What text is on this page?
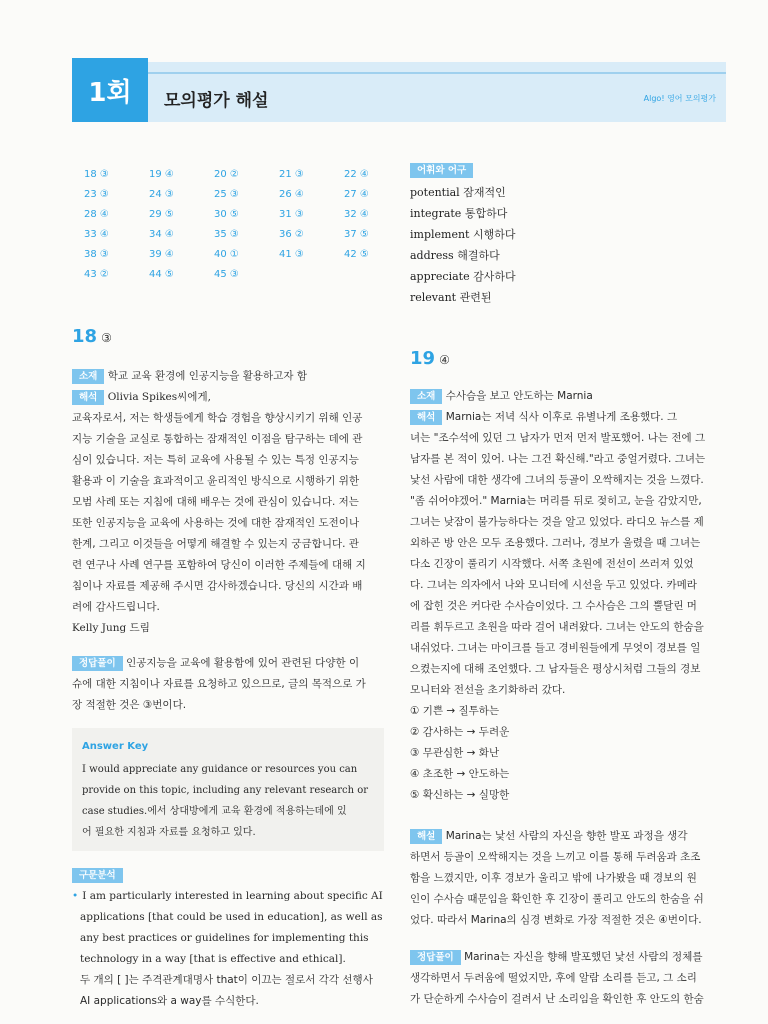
1회 모의평가 해설	Algo! 영어 모의평가
18 ③	19 ④	20 ②	21 ③	22 ④
23 ③	24 ③	25 ③	26 ④	27 ④
28 ④	29 ⑤	30 ⑤	31 ③	32 ④
33 ④	34 ④	35 ③	36 ②	37 ⑤
38 ③	39 ④	40 ①	41 ③	42 ⑤
43 ②	44 ⑤	45 ③
어휘와 어구
potential 잠재적인
integrate 통합하다
implement 시행하다
address 해결하다
appreciate 감사하다
relevant 관련된
18 ③

소재 학교 교육 환경에 인공지능을 활용하고자 함

해석 Olivia Spikes씨에게,

교육자로서, 저는 학생들에게 학습 경험을 향상시키기 위해 인공

지능 기술을 교실로 통합하는 잠재적인 이점을 탐구하는 데에 관

심이 있습니다. 저는 특히 교육에 사용될 수 있는 특정 인공지능

활용과 이 기술을 효과적이고 윤리적인 방식으로 시행하기 위한

모범 사례 또는 지침에 대해 배우는 것에 관심이 있습니다. 저는

또한 인공지능을 교육에 사용하는 것에 대한 잠재적인 도전이나

한계, 그리고 이것들을 어떻게 해결할 수 있는지 궁금합니다. 관

련 연구나 사례 연구를 포함하여 당신이 이러한 주제들에 대해 지

침이나 자료를 제공해 주시면 감사하겠습니다. 당신의 시간과 배

려에 감사드립니다.

Kelly Jung 드림

정답풀이 인공지능을 교육에 활용함에 있어 관련된 다양한 이

슈에 대한 지침이나 자료를 요청하고 있으므로, 글의 목적으로 가

장 적절한 것은 ③번이다.

Answer Key

I would appreciate any guidance or resources you can

provide on this topic, including any relevant research or

case studies.에서 상대방에게 교육 환경에 적용하는데에 있

어 필요한 지침과 자료를 요청하고 있다.

구문분석

• I am particularly interested in learning about specific AI

applications [that could be used in education], as well as

any best practices or guidelines for implementing this

technology in a way [that is effective and ethical].

두 개의 [ ]는 주격관계대명사 that이 이끄는 절로서 각각 선행사

AI applications와 a way를 수식한다.

19 ④

소재 수사슴을 보고 안도하는 Marnia

해석 Marnia는 저녁 식사 이후로 유별나게 조용했다. 그

녀는 "조수석에 있던 그 남자가 먼저 먼저 발포했어. 나는 전에 그

남자를 본 적이 있어. 나는 그건 확신해."라고 중얼거렸다. 그녀는

낯선 사람에 대한 생각에 그녀의 등골이 오싹해지는 것을 느꼈다.

"좀 쉬어야겠어." Marnia는 머리를 뒤로 젖히고, 눈을 감았지만,

그녀는 낮잠이 불가능하다는 것을 알고 있었다. 라디오 뉴스를 제

외하곤 방 안은 모두 조용했다. 그러나, 경보가 울렸을 때 그녀는

다소 긴장이 풀리기 시작했다. 서쪽 초원에 전선이 쓰러져 있었

다. 그녀는 의자에서 나와 모니터에 시선을 두고 있었다. 카메라

에 잡힌 것은 커다란 수사슴이었다. 그 수사슴은 그의 뿔달린 머

리를 휘두르고 초원을 따라 걸어 내려왔다. 그녀는 안도의 한숨을

내쉬었다. 그녀는 마이크를 들고 경비원들에게 무엇이 경보를 일

으켰는지에 대해 조언했다. 그 남자들은 평상시처럼 그들의 경보

모니터와 전선을 초기화하러 갔다.

① 기쁜 → 질투하는

② 감사하는 → 두려운

③ 무관심한 → 화난

④ 초조한 → 안도하는

⑤ 확신하는 → 실망한

해설 Marina는 낯선 사람의 자신을 향한 발포 과정을 생각

하면서 등골이 오싹해지는 것을 느끼고 이를 통해 두려움과 초조

함을 느꼈지만, 이후 경보가 울리고 밖에 나가봤을 때 경보의 원

인이 수사슴 때문임을 확인한 후 긴장이 풀리고 안도의 한숨을 쉬

었다. 따라서 Marina의 심경 변화로 가장 적절한 것은 ④번이다.

정답풀이 Marina는 자신을 향해 발포했던 낯선 사람의 정체를

생각하면서 두려움에 떨었지만, 후에 알람 소리를 듣고, 그 소리

가 단순하게 수사슴이 걸려서 난 소리임을 확인한 후 안도의 한숨
